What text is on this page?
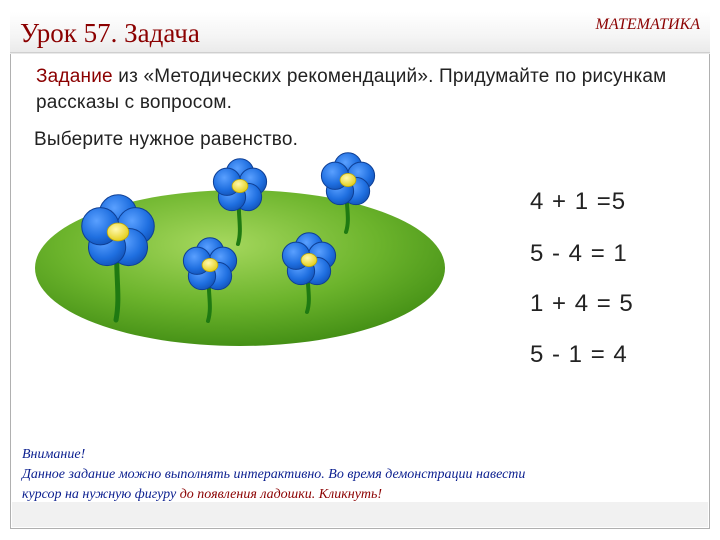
Урок 57. Задача	МАТЕМАТИКА
Задание из «Методических рекомендаций». Придумайте по рисункам рассказы с вопросом.
Выберите нужное равенство.
4 + 1 =5
5 - 4 = 1
1 + 4 = 5
5 - 1 = 4
Внимание!
Данное задание можно выполнять интерактивно. Во время демонстрации навести
курсор на нужную фигуру до появления ладошки. Кликнуть!
